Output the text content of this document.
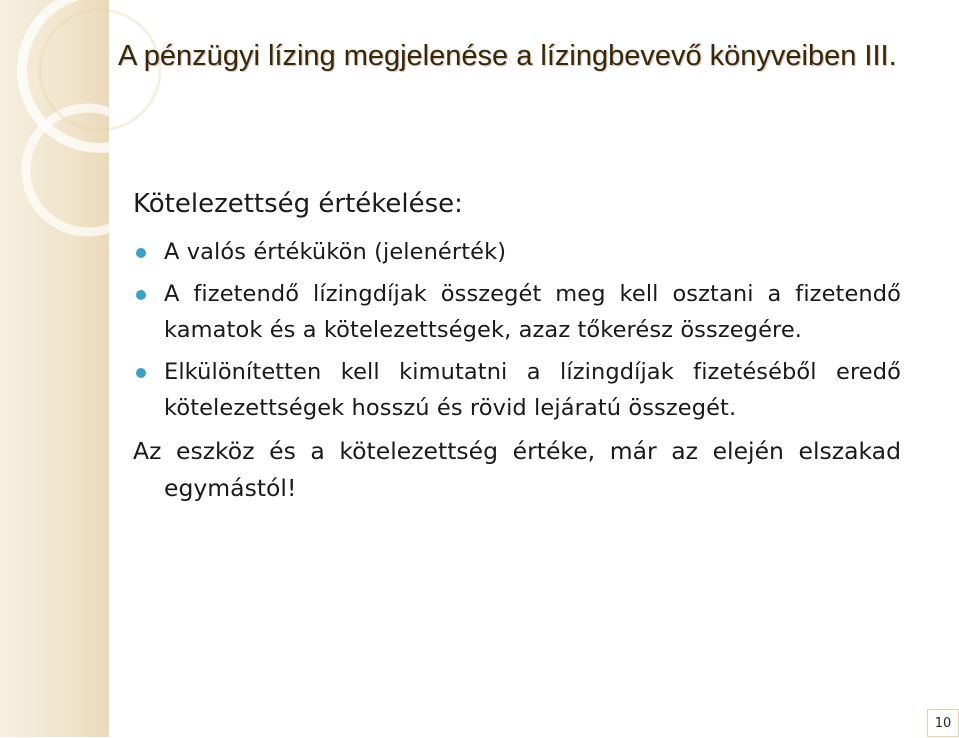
A pénzügyi lízing megjelenése a lízingbevevő könyveiben III.
Kötelezettség értékelése:
A valós értékükön (jelenérték)
A fizetendő lízingdíjak összegét meg kell osztani a fizetendő kamatok és a kötelezettségek, azaz tőkerész összegére.
Elkülönítetten kell kimutatni a lízingdíjak fizetéséből eredő kötelezettségek hosszú és rövid lejáratú összegét.

Az eszköz és a kötelezettség értéke, már az elején elszakad egymástól!

10
